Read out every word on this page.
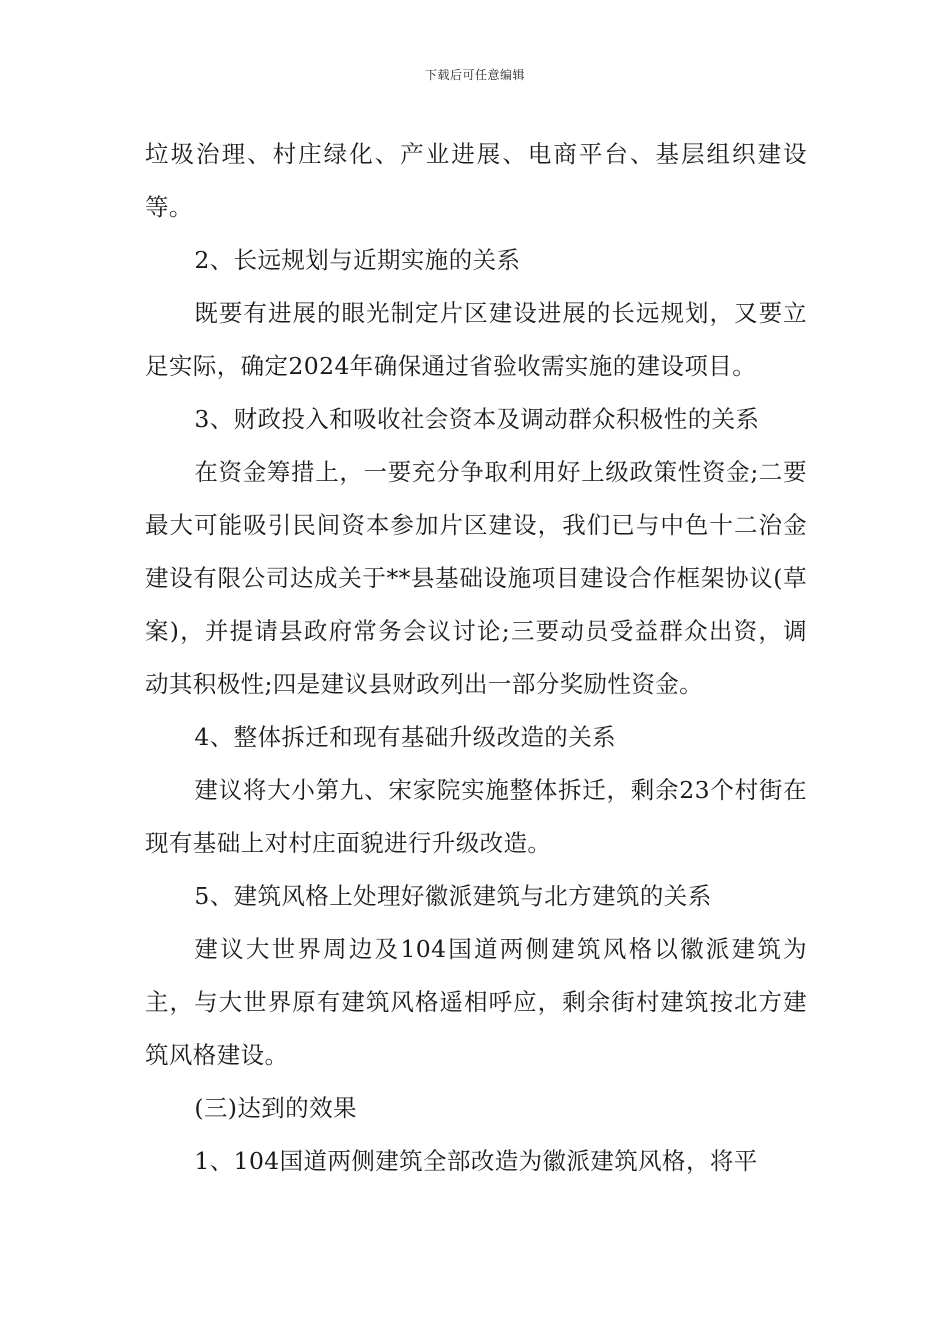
下载后可任意编辑

垃圾治理、村庄绿化、产业进展、电商平台、基层组织建设等。

2、长远规划与近期实施的关系

既要有进展的眼光制定片区建设进展的长远规划，又要立足实际，确定2024年确保通过省验收需实施的建设项目。

3、财政投入和吸收社会资本及调动群众积极性的关系

在资金筹措上，一要充分争取利用好上级政策性资金;二要最大可能吸引民间资本参加片区建设，我们已与中色十二治金建设有限公司达成关于**县基础设施项目建设合作框架协议(草案)，并提请县政府常务会议讨论;三要动员受益群众出资，调动其积极性;四是建议县财政列出一部分奖励性资金。

4、整体拆迁和现有基础升级改造的关系

建议将大小第九、宋家院实施整体拆迁，剩余23个村街在现有基础上对村庄面貌进行升级改造。

5、建筑风格上处理好徽派建筑与北方建筑的关系

建议大世界周边及104国道两侧建筑风格以徽派建筑为主，与大世界原有建筑风格遥相呼应，剩余街村建筑按北方建筑风格建设。

(三)达到的效果

1、104国道两侧建筑全部改造为徽派建筑风格，将平
